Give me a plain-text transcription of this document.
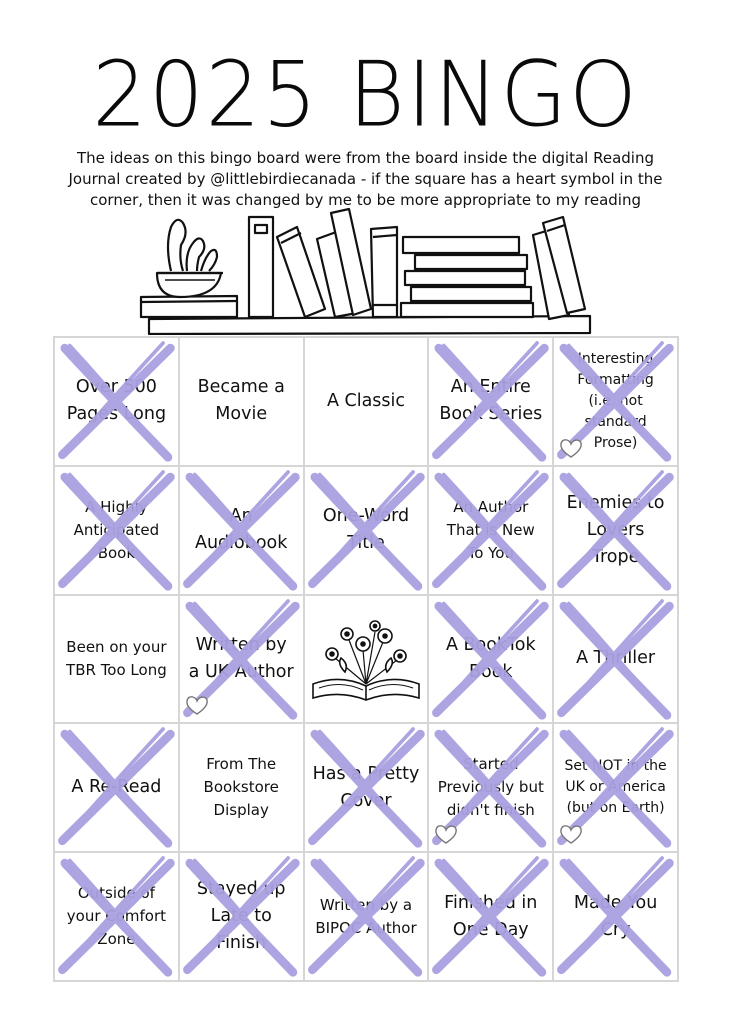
2025 BINGO
The ideas on this bingo board were from the board inside the digital Reading Journal created by @littlebirdiecanada - if the square has a heart symbol in the corner, then it was changed by me to be more appropriate to my reading
Over 500 Pages Long
Became a Movie
A Classic
An Entire Book Series
Interesting Formatting (i.e. not standard Prose)
A Highly Anticipated Book
An Audiobook
One-Word Title
An Author That is New To You
Enemies to Lovers Trope
Been on your TBR Too Long
Written by a UK Author
A BookTok Book
A Thriller
A Re-Read
From The Bookstore Display
Has a Pretty Cover
Started Previously but didn't finish
Set NOT in the UK or America (but on Earth)
Outside of your Comfort Zone
Stayed up Late to Finish
Written by a BIPOC Author
Finished in One Day
Made You Cry
